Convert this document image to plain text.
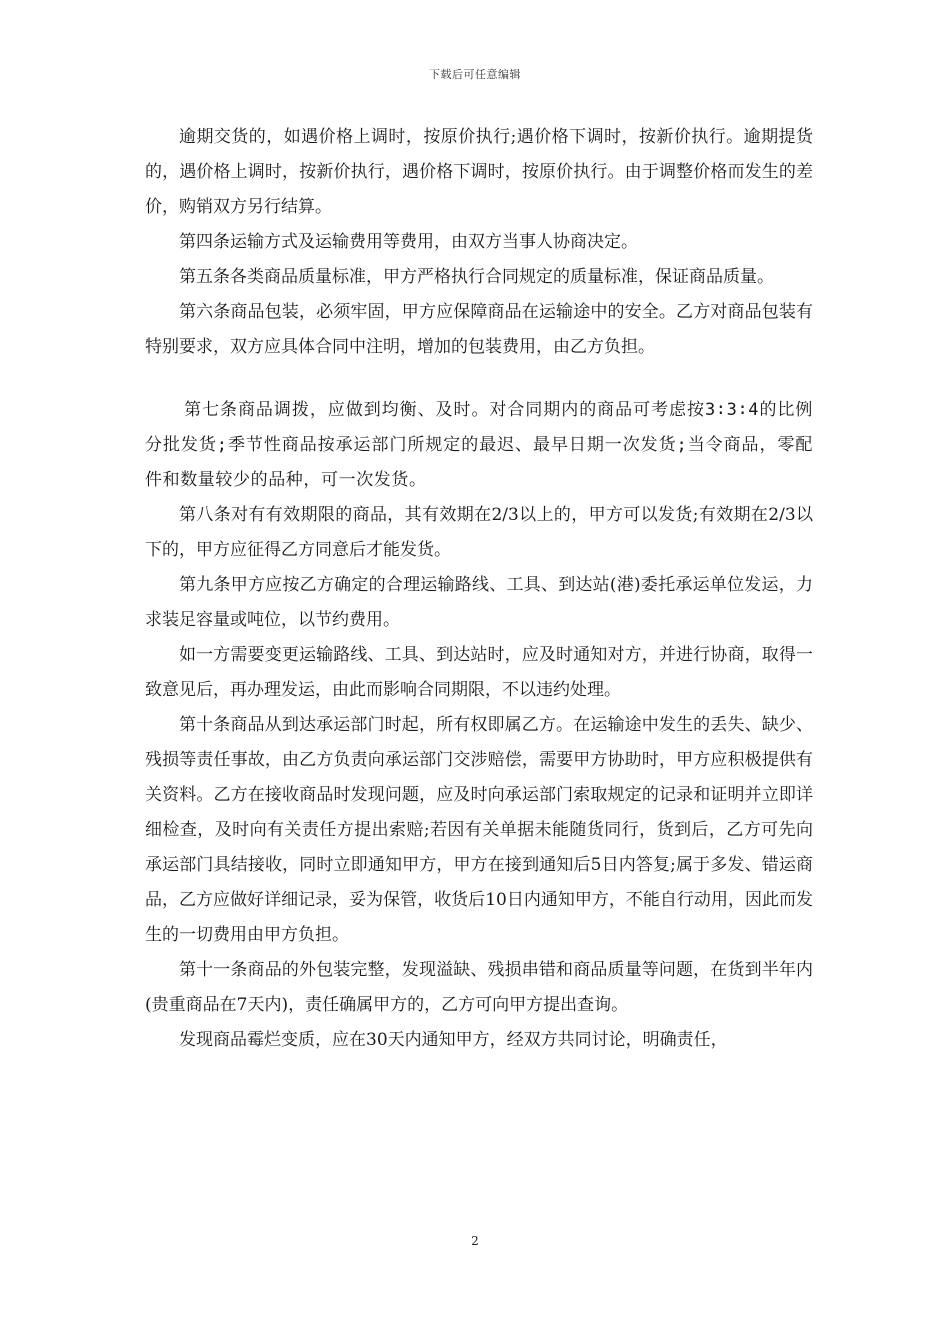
下载后可任意编辑

逾期交货的，如遇价格上调时，按原价执行;遇价格下调时，按新价执行。逾期提货的，遇价格上调时，按新价执行，遇价格下调时，按原价执行。由于调整价格而发生的差价，购销双方另行结算。

第四条运输方式及运输费用等费用，由双方当事人协商决定。

第五条各类商品质量标准，甲方严格执行合同规定的质量标准，保证商品质量。

第六条商品包装，必须牢固，甲方应保障商品在运输途中的安全。乙方对商品包装有特别要求，双方应具体合同中注明，增加的包装费用，由乙方负担。

第七条商品调拨，应做到均衡、及时。对合同期内的商品可考虑按3∶3∶4的比例分批发货;季节性商品按承运部门所规定的最迟、最早日期一次发货;当令商品，零配件和数量较少的品种，可一次发货。

第八条对有有效期限的商品，其有效期在2/3以上的，甲方可以发货;有效期在2/3以下的，甲方应征得乙方同意后才能发货。

第九条甲方应按乙方确定的合理运输路线、工具、到达站(港)委托承运单位发运，力求装足容量或吨位，以节约费用。

如一方需要变更运输路线、工具、到达站时，应及时通知对方，并进行协商，取得一致意见后，再办理发运，由此而影响合同期限，不以违约处理。

第十条商品从到达承运部门时起，所有权即属乙方。在运输途中发生的丢失、缺少、残损等责任事故，由乙方负责向承运部门交涉赔偿，需要甲方协助时，甲方应积极提供有关资料。乙方在接收商品时发现问题，应及时向承运部门索取规定的记录和证明并立即详细检查，及时向有关责任方提出索赔;若因有关单据未能随货同行，货到后，乙方可先向承运部门具结接收，同时立即通知甲方，甲方在接到通知后5日内答复;属于多发、错运商品，乙方应做好详细记录，妥为保管，收货后10日内通知甲方，不能自行动用，因此而发生的一切费用由甲方负担。

第十一条商品的外包装完整，发现溢缺、残损串错和商品质量等问题，在货到半年内(贵重商品在7天内)，责任确属甲方的，乙方可向甲方提出查询。

发现商品霉烂变质，应在30天内通知甲方，经双方共同讨论，明确责任，

2
